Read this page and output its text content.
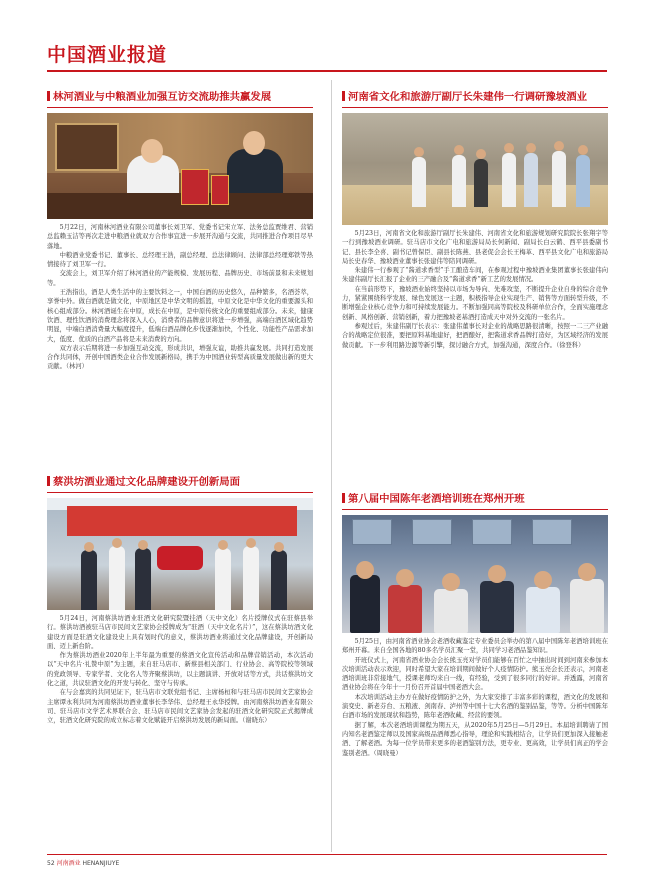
中国酒业报道
林河酒业与中粮酒业加强互访交流助推共赢发展

5月22日，河南林河酒业有限公司董事长刘卫军、党委书记宋立军、法务总监贾维君、营销总监赖玉洁等再次走进中粮酒业就双方合作事宜进一步展开沟通与交流，共同推进合作项目尽早落地。

中粮酒业党委书记、董事长、总经理王浩，副总经理、总法律顾问、法律部总经理郑铁等热情接待了刘卫军一行。

交流会上，刘卫军介绍了林河酒业的产能规模、发展历程、品牌历史、市场前景和未来规划等。

王浩指出，酒是人类生活中的主要饮料之一，中国白酒的历史悠久，品种繁多，名酒荟萃，享誉中外。做白酒就是做文化，中原地区是中华文明的摇篮，中原文化是中华文化的重要源头和核心组成部分。林河酒诞生在中原，成长在中原，是中原传统文化的重要组成部分。未来，健康饮酒、理性饮酒的消费理念将深入人心，消费者的品牌意识将进一步增强，高端白酒区域化趋势明显，中端白酒消费量大幅度提升，低端白酒品牌化步伐逐渐加快，个性化、功能性产品需求加大，低度、优质的白酒产品将是未来消费的方向。

双方表示后期将进一步加强互动交流，形成共识，增强友谊，助推共赢发展。共同打造发展合作共同体，开创中国酒类企业合作发展新格局，携手为中国酒业转型高质量发展做出新的更大贡献。（林河）

蔡洪坊酒业通过文化品牌建设开创新局面

5月24日，河南蔡洪坊酒业驻酒文化研究院暨挂酒（天中文化）名片授牌仪式在驻蔡县举行。蔡洪坊酒被驻马店市民间文艺家协会授牌成为“驻酒（天中文化名片）”，这在蔡洪坊酒文化建设方面是驻酒文化建设史上具有划时代的意义，蔡洪坊酒业将通过文化品牌建设，开创新局面、迈上新台阶。

作为蔡洪坊酒业2020年上半年最为重要的蔡酒文化宣传活动和品牌营销活动，本次活动以“天中名片·礼赞中原”为主题，来自驻马店市、新蔡县相关部门、行业协会、高等院校等领域的党政领导、专家学者、文化名人等齐聚蔡洪坊，以主题演讲、开放对话等方式，共话蔡洪坊文化之道，共议驻酒文化的开发与转化、坚守与传承。

在与会嘉宾的共同见证下，驻马店市文联党组书记、主席杨桓和与驻马店市民间文艺家协会主席谭永利共同为河南蔡洪坊酒业董事长李华伟、总经理王永华授牌。由河南蔡洪坊酒业有限公司、驻马店市文学艺术界联合会、驻马店市民间文艺家协会发起的驻酒文化研究院正式揭牌成立，驻酒文化研究院的成立标志着文化赋能开启蔡洪坊发展的新局面。（谢晓东）

河南省文化和旅游厅副厅长朱建伟一行调研豫坡酒业

5月23日，河南省文化和旅游厅副厅长朱建伟、河南省文化和旅游规划研究院院长张翔宇等一行到豫坡酒业调研。驻马店市文化广电和旅游局局长何新闻、副局长白云鹤、西平县委副书记、县长李全喜、副书记曾保臣、副县长陈燕、县老促会会长王梅革、西平县文化广电和旅游局局长史春华、豫坡酒业董事长张建伟等陪同调研。

朱建伟一行参观了“酱道求香型”手工酿造车间，在参观过程中豫坡酒业集团董事长张建伟向朱建伟副厅长汇报了企业的三产融合及“酱道求香”新工艺的发展情况。

在当前形势下，豫坡酒业始终坚持以市场为导向、先难攻坚，不断提升企业自身的综合竞争力，紧紧围绕科学发展、绿色发展这一主题，积极指导企业实现生产、销售等方面转型升级，不断增强企业核心竞争力和可持续发展能力。不断加强同高等院校及科研单位合作，全面实施理念创新、风格创新、营销创新，着力把豫坡老基酒打造成天中对外交流的一张名片。

参观过后，朱建伟副厅长表示：张建伟董事长对企业的战略思路很清晰，按照一二三产业融合的战略定位很准，要把原料基地建好，把酒酿好，把酱道求香品牌打造好，为区域经济的发展做贡献。下一步利用路边源等新引擎，探讨融合方式，加强沟通，深度合作。（徐登科）

第八届中国陈年老酒培训班在郑州开班

5月25日，由河南省酒业协会老酒收藏鉴定专业委员会举办的第八届中国陈年老酒培训班在郑州开幕。来自全国各地的80多名学员汇聚一堂，共同学习老酒品鉴知识。

开班仪式上，河南省酒业协会会长熊玉亮对学员们能够在百忙之中抽出时间到河南来参加本次培训活动表示欢迎，同时希望大家在培训期间做好个人疫情防护。熊玉亮会长还表示，河南老酒培训班非常接地气，授课老师均来自一线，有经验，受到了很多同行的好评。并透露，河南省酒业协会将在今年十一月份召开首届中国老酒大会。

本次培训活动主办方在做好疫情防护之外，为大家安排了丰富多彩的课程，酒文化的发展和演变史、新老芬台、五粮液、剑南春、泸州等中国十七大名酒的鉴别品鉴，等等。分析中国陈年白酒市场的发展现状和趋势，陈年老酒收藏、经营的要领。

据了解，本次老酒培训课程为期五天，从2020年5月25日—5月29日。本届培训聘请了国内知名老酒鉴定师以及国家高级品酒师悉心指导，理论和实践相结合，让学员们更加深入接触老酒、了解老酒。为每一位学员带来更多的老酒鉴别方法，更专业、更高效，让学员们真正的学会鉴别老酒。（周晓曼）

52 河南酒业 HENANJIUYE
